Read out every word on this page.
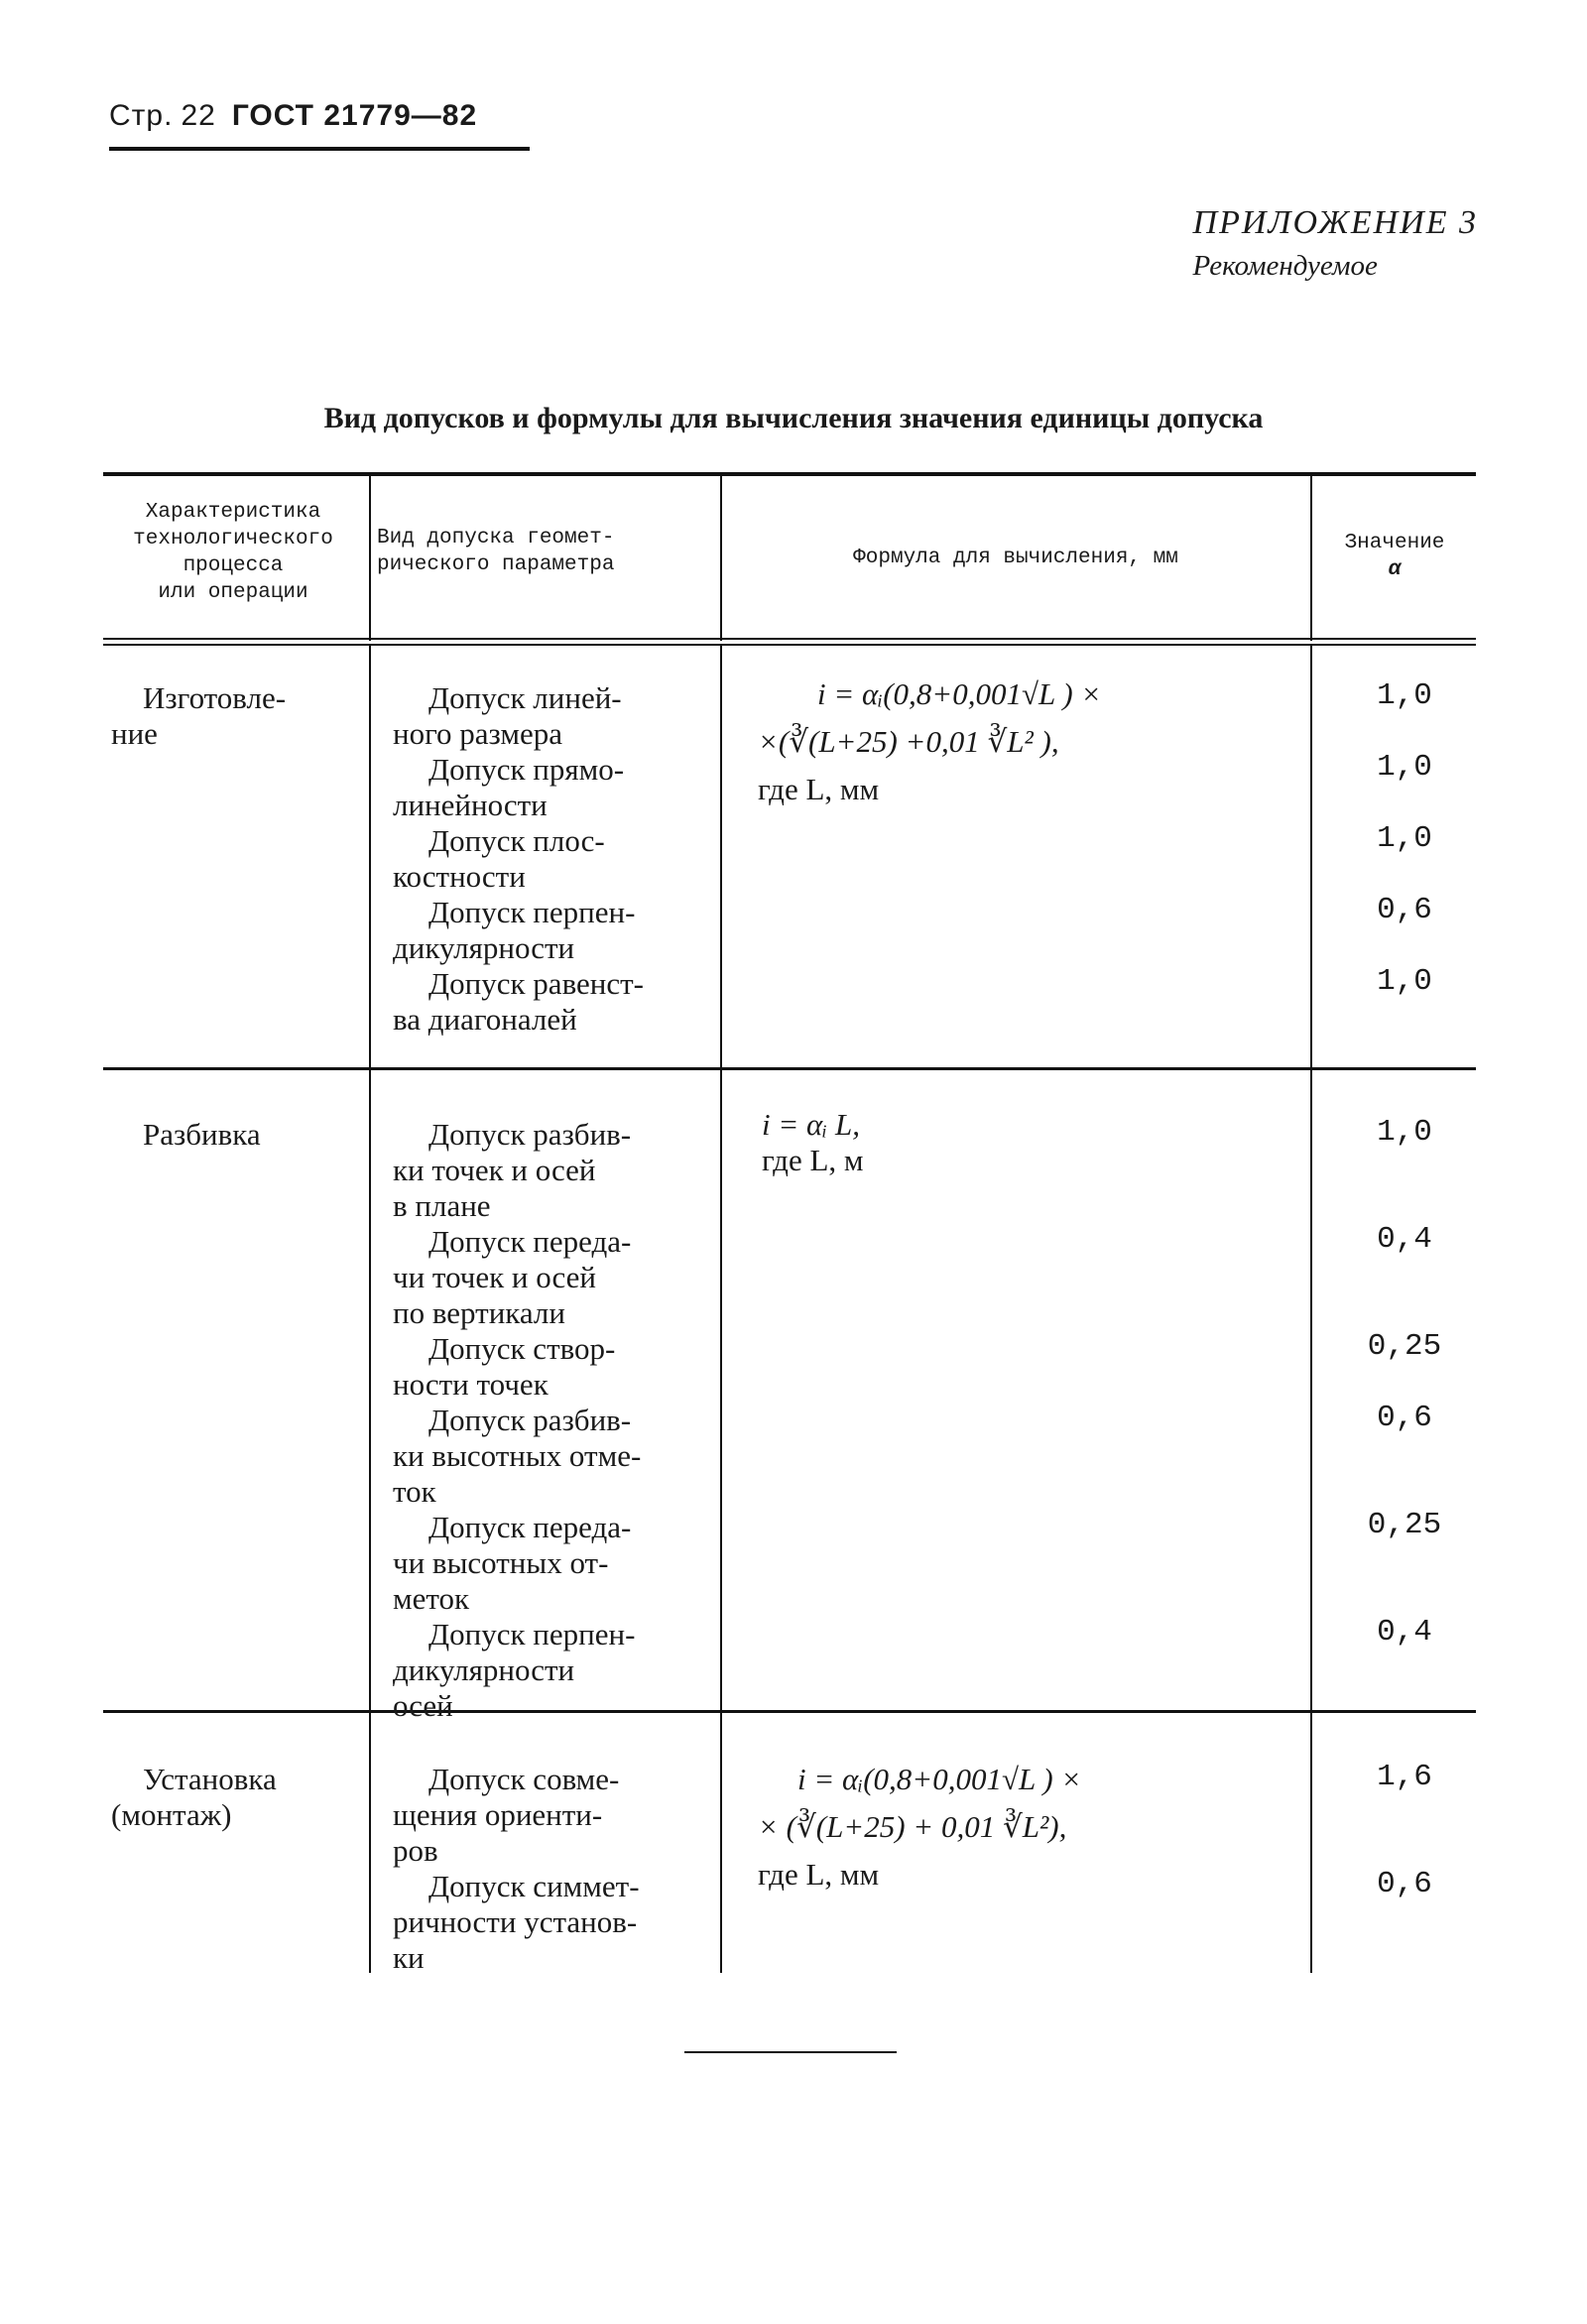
Стр. 22 ГОСТ 21779—82
ПРИЛОЖЕНИЕ 3
Рекомендуемое
Вид допусков и формулы для вычисления значения единицы допуска
Характеристика
технологического
процесса
или операции
Вид допуска геомет-
рического параметра	Формула для вычисления, мм
Значение
α
Изготовле-
ние
i = αᵢ(0,8+0,001√L ) ×
×(∛(L+25) +0,01 ∛L² ),
где L, мм
Допуск линей-
ного размера
1,0
Допуск прямо-
линейности
1,0
Допуск плос-
костности
1,0
Допуск перпен-
дикулярности
0,6
Допуск равенст-
ва диагоналей
1,0
Разбивка	i = αᵢ L,
где L, м
Допуск разбив-
ки точек и осей
в плане
1,0
Допуск переда-
чи точек и осей
по вертикали
0,4
Допуск створ-
ности точек
0,25
Допуск разбив-
ки высотных отме-
ток
0,6
Допуск переда-
чи высотных от-
меток
0,25
Допуск перпен-
дикулярности
осей
0,4
Установка
(монтаж)
i = αᵢ(0,8+0,001√L ) ×
× (∛(L+25) + 0,01 ∛L²),
где L, мм
Допуск совме-
щения ориенти-
ров
1,6
Допуск симмет-
ричности установ-
ки
0,6
